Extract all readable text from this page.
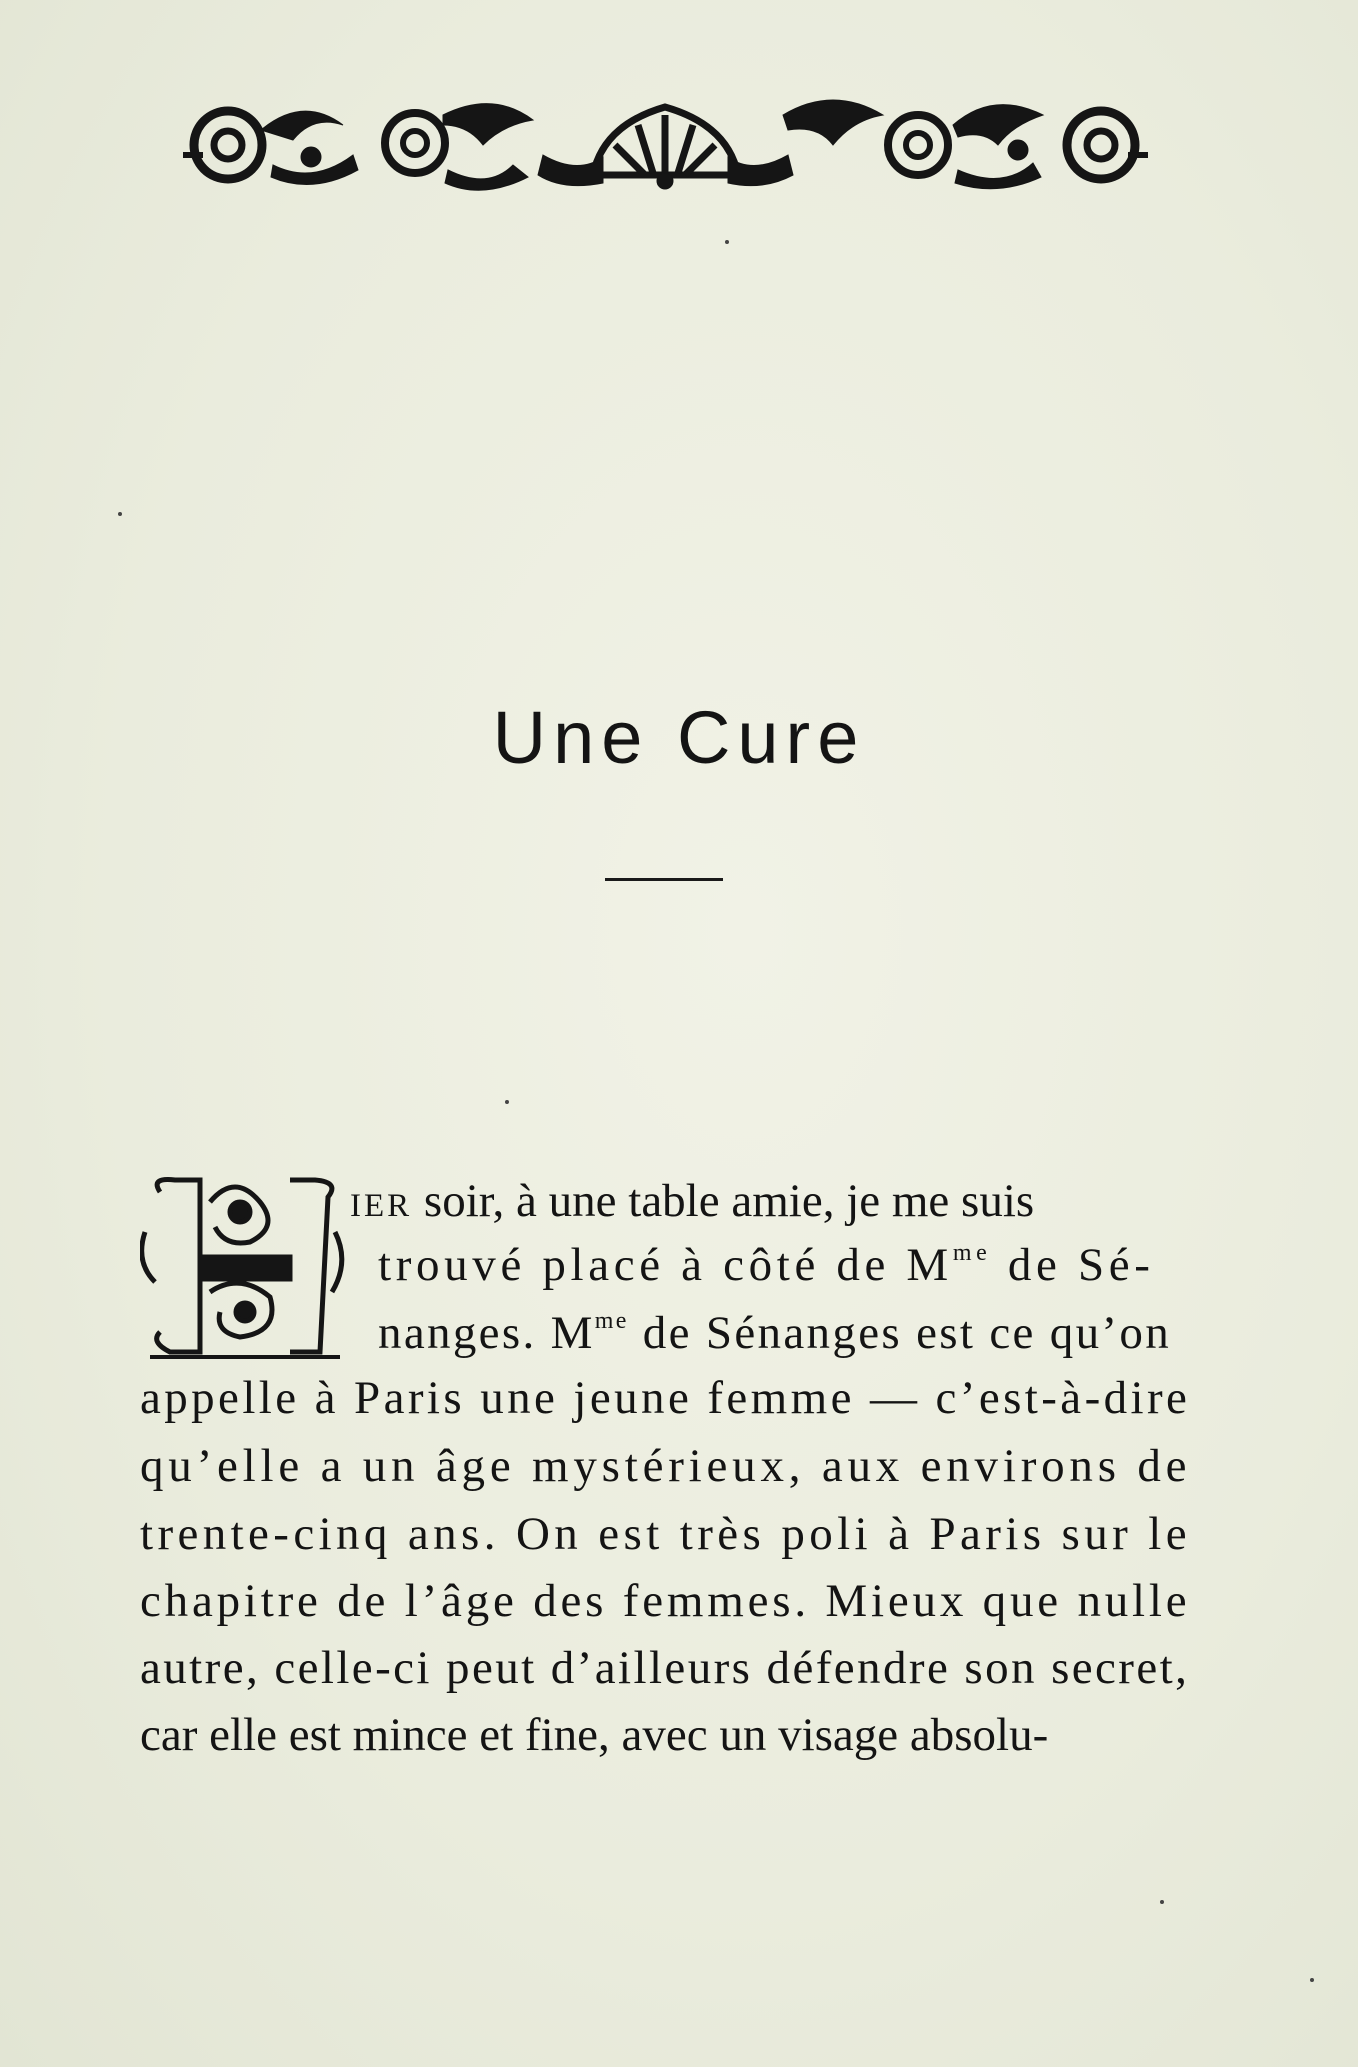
Une Cure
IER soir, à une table amie, je me suis
trouvé placé à côté de $M^{me}$ de Sé-
nanges. $M^{me}$ de Sénanges est ce qu’on
appelle à Paris une jeune femme — c’est-à-dire
qu’elle a un âge mystérieux, aux environs de
trente-cinq ans. On est très poli à Paris sur le
chapitre de l’âge des femmes. Mieux que nulle
autre, celle-ci peut d’ailleurs défendre son secret,
car elle est mince et fine, avec un visage absolu-
